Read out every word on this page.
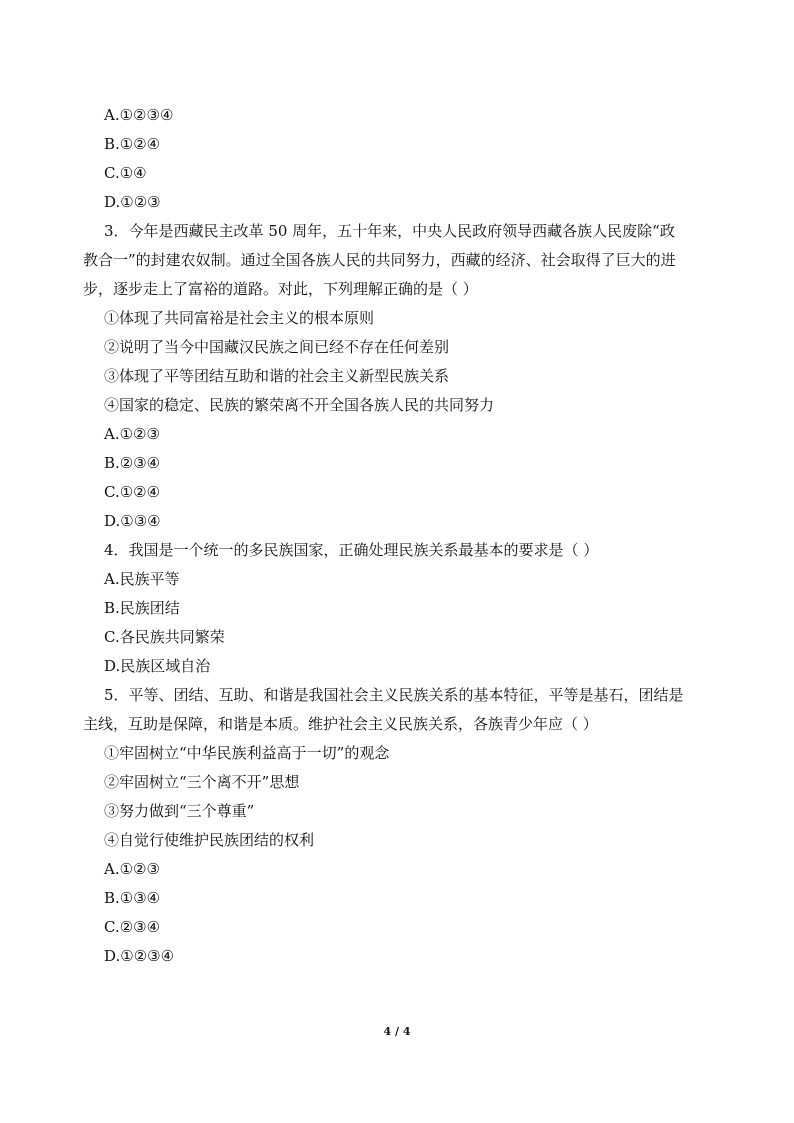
A.①②③④
B.①②④
C.①④
D.①②③
3．今年是西藏民主改革 50 周年，五十年来，中央人民政府领导西藏各族人民废除“政
教合一”的封建农奴制。通过全国各族人民的共同努力，西藏的经济、社会取得了巨大的进
步，逐步走上了富裕的道路。对此，下列理解正确的是（ ）
①体现了共同富裕是社会主义的根本原则
②说明了当今中国藏汉民族之间已经不存在任何差别
③体现了平等团结互助和谐的社会主义新型民族关系
④国家的稳定、民族的繁荣离不开全国各族人民的共同努力
A.①②③
B.②③④
C.①②④
D.①③④
4．我国是一个统一的多民族国家，正确处理民族关系最基本的要求是（ ）
A.民族平等
B.民族团结
C.各民族共同繁荣
D.民族区域自治
5．平等、团结、互助、和谐是我国社会主义民族关系的基本特征，平等是基石，团结是
主线，互助是保障，和谐是本质。维护社会主义民族关系，各族青少年应（ ）
①牢固树立“中华民族利益高于一切”的观念
②牢固树立“三个离不开”思想
③努力做到“三个尊重”
④自觉行使维护民族团结的权利
A.①②③
B.①③④
C.②③④
D.①②③④
4 / 4
